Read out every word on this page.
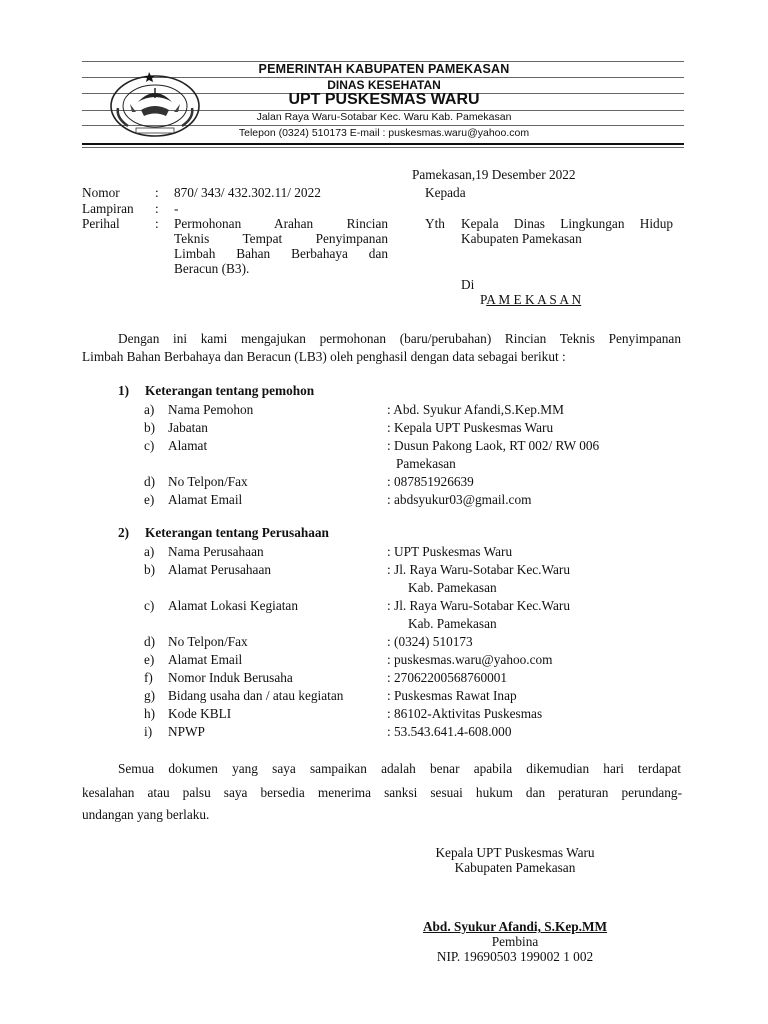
PEMERINTAH KABUPATEN PAMEKASAN
DINAS KESEHATAN
UPT PUSKESMAS WARU
Jalan Raya Waru-Sotabar Kec. Waru Kab. Pamekasan
Telepon (0324) 510173 E-mail : puskesmas.waru@yahoo.com
Pamekasan,19 Desember 2022
Nomor	: 870/ 343/ 432.302.11/ 2022
Lampiran : -
Perihal	: Permohonan Arahan Rincian
Teknis Tempat Penyimpanan
Limbah Bahan Berbahaya dan
Beracun (B3).
Kepada
Yth Kepala Dinas Lingkungan Hidup
Kabupaten Pamekasan
Di
PA M E K A S A N
Dengan ini kami mengajukan permohonan (baru/perubahan) Rincian Teknis Penyimpanan
Limbah Bahan Berbahaya dan Beracun (LB3) oleh penghasil dengan data sebagai berikut :
1) Keterangan tentang pemohon
a) Nama Pemohon	: Abd. Syukur Afandi,S.Kep.MM
b) Jabatan	: Kepala UPT Puskesmas Waru
c) Alamat	: Dusun Pakong Laok, RT 002/ RW 006
Pamekasan
d) No Telpon/Fax	: 087851926639
e) Alamat Email	: abdsyukur03@gmail.com
2) Keterangan tentang Perusahaan
a) Nama Perusahaan	: UPT Puskesmas Waru
b) Alamat Perusahaan	: Jl. Raya Waru-Sotabar Kec.Waru
Kab. Pamekasan
c) Alamat Lokasi Kegiatan	: Jl. Raya Waru-Sotabar Kec.Waru
Kab. Pamekasan
d) No Telpon/Fax	: (0324) 510173
e) Alamat Email	: puskesmas.waru@yahoo.com
f) Nomor Induk Berusaha	: 27062200568760001
g) Bidang usaha dan / atau kegiatan	: Puskesmas Rawat Inap
h) Kode KBLI	: 86102-Aktivitas Puskesmas
i) NPWP	: 53.543.641.4-608.000
Semua dokumen yang saya sampaikan adalah benar apabila dikemudian hari terdapat
kesalahan atau palsu saya bersedia menerima sanksi sesuai hukum dan peraturan perundang-
undangan yang berlaku.
Kepala UPT Puskesmas Waru
Kabupaten Pamekasan
Abd. Syukur Afandi, S.Kep.MM
Pembina
NIP. 19690503 199002 1 002
